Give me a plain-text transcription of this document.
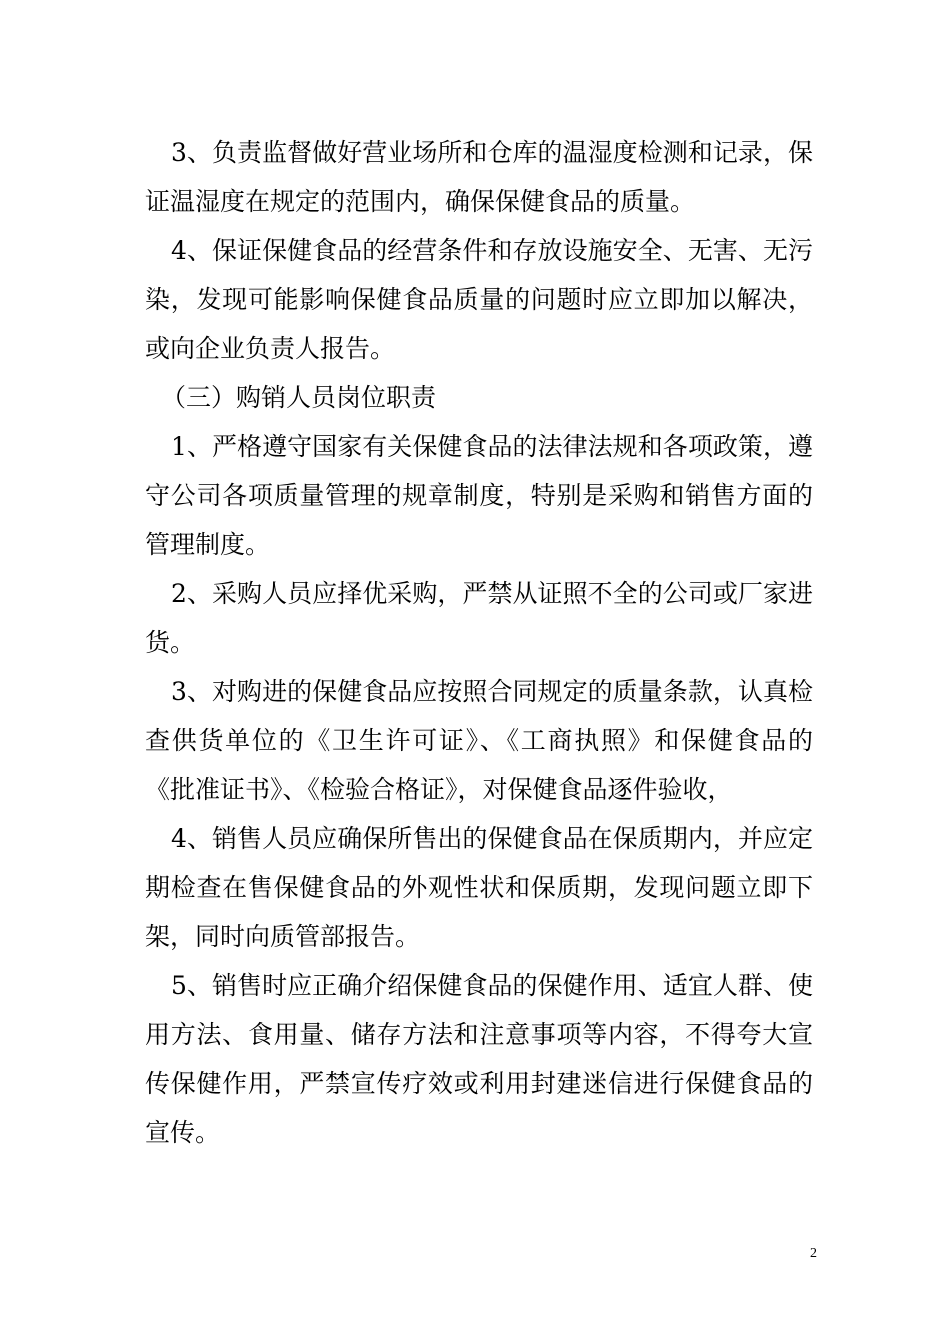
3、负责监督做好营业场所和仓库的温湿度检测和记录，保证温湿度在规定的范围内，确保保健食品的质量。

4、保证保健食品的经营条件和存放设施安全、无害、无污染，发现可能影响保健食品质量的问题时应立即加以解决，或向企业负责人报告。

（三）购销人员岗位职责

1、严格遵守国家有关保健食品的法律法规和各项政策，遵守公司各项质量管理的规章制度，特别是采购和销售方面的管理制度。

2、采购人员应择优采购，严禁从证照不全的公司或厂家进货。

3、对购进的保健食品应按照合同规定的质量条款，认真检查供货单位的《卫生许可证》、《工商执照》和保健食品的《批准证书》、《检验合格证》，对保健食品逐件验收，

4、销售人员应确保所售出的保健食品在保质期内，并应定期检查在售保健食品的外观性状和保质期，发现问题立即下架，同时向质管部报告。

5、销售时应正确介绍保健食品的保健作用、适宜人群、使用方法、食用量、储存方法和注意事项等内容，不得夸大宣传保健作用，严禁宣传疗效或利用封建迷信进行保健食品的宣传。

2
